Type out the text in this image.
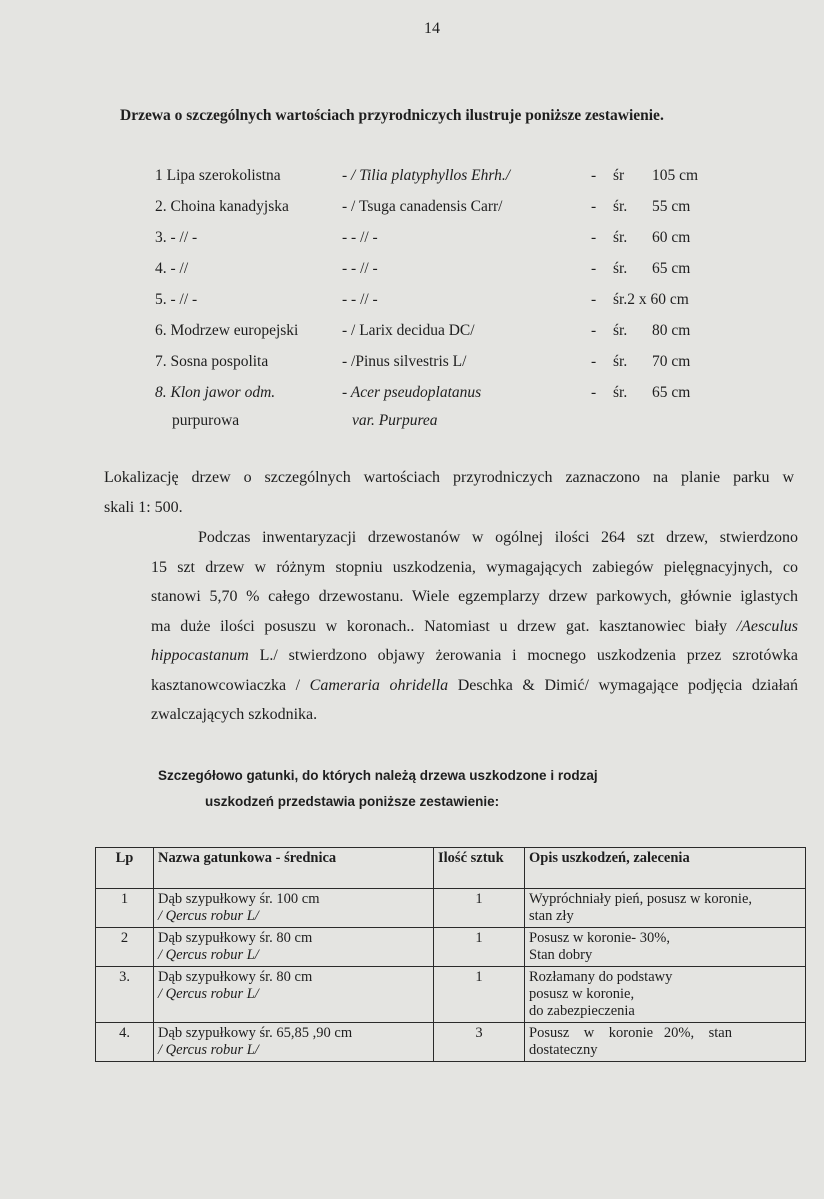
14
Drzewa o szczególnych wartościach przyrodniczych ilustruje poniższe zestawienie.
1 Lipa szerokolistna	- / Tilia platyphyllos Ehrh./	- śr 105 cm
2. Choina kanadyjska	- / Tsuga canadensis Carr/	- śr. 55 cm
3. - // -	- - // -	- śr. 60 cm
4. - //	- - // -	- śr. 65 cm
5. - // -	- - // -	- śr.2 x 60 cm
6. Modrzew europejski	- / Larix decidua DC/	- śr. 80 cm
7. Sosna pospolita	- /Pinus silvestris L/	- śr. 70 cm
8. Klon jawor odm.	- Acer pseudoplatanus	- śr. 65 cm
purpurowa	var. Purpurea
Lokalizację drzew o szczególnych wartościach przyrodniczych zaznaczono na planie parku w
skali 1: 500.
Podczas inwentaryzacji drzewostanów w ogólnej ilości 264 szt drzew, stwierdzono
15 szt drzew w różnym stopniu uszkodzenia, wymagających zabiegów pielęgnacyjnych, co
stanowi 5,70 % całego drzewostanu. Wiele egzemplarzy drzew parkowych, głównie iglastych
ma duże ilości posuszu w koronach.. Natomiast u drzew gat. kasztanowiec biały /Aesculus
hippocastanum L./ stwierdzono objawy żerowania i mocnego uszkodzenia przez szrotówka
kasztanowcowiaczka / Cameraria ohridella Deschka & Dimić/ wymagające podjęcia działań
zwalczających szkodnika.
Szczegółowo gatunki, do których należą drzewa uszkodzone i rodzaj
uszkodzeń przedstawia poniższe zestawienie:
Lp	Nazwa gatunkowa - średnica	Ilość sztuk	Opis uszkodzeń, zalecenia
1	Dąb szypułkowy śr. 100 cm
/ Qercus robur L/	1	Wypróchniały pień, posusz w koronie,
stan zły

2	Dąb szypułkowy śr. 80 cm
/ Qercus robur L/	1	Posusz w koronie- 30%,
Stan dobry

3.	Dąb szypułkowy śr. 80 cm
/ Qercus robur L/	1	Rozłamany do podstawy
posusz w koronie,
do zabezpieczenia

4.	Dąb szypułkowy śr. 65,85 ,90 cm
/ Qercus robur L/	3	Posusz    w    koronie   20%,    stan
dostateczny
